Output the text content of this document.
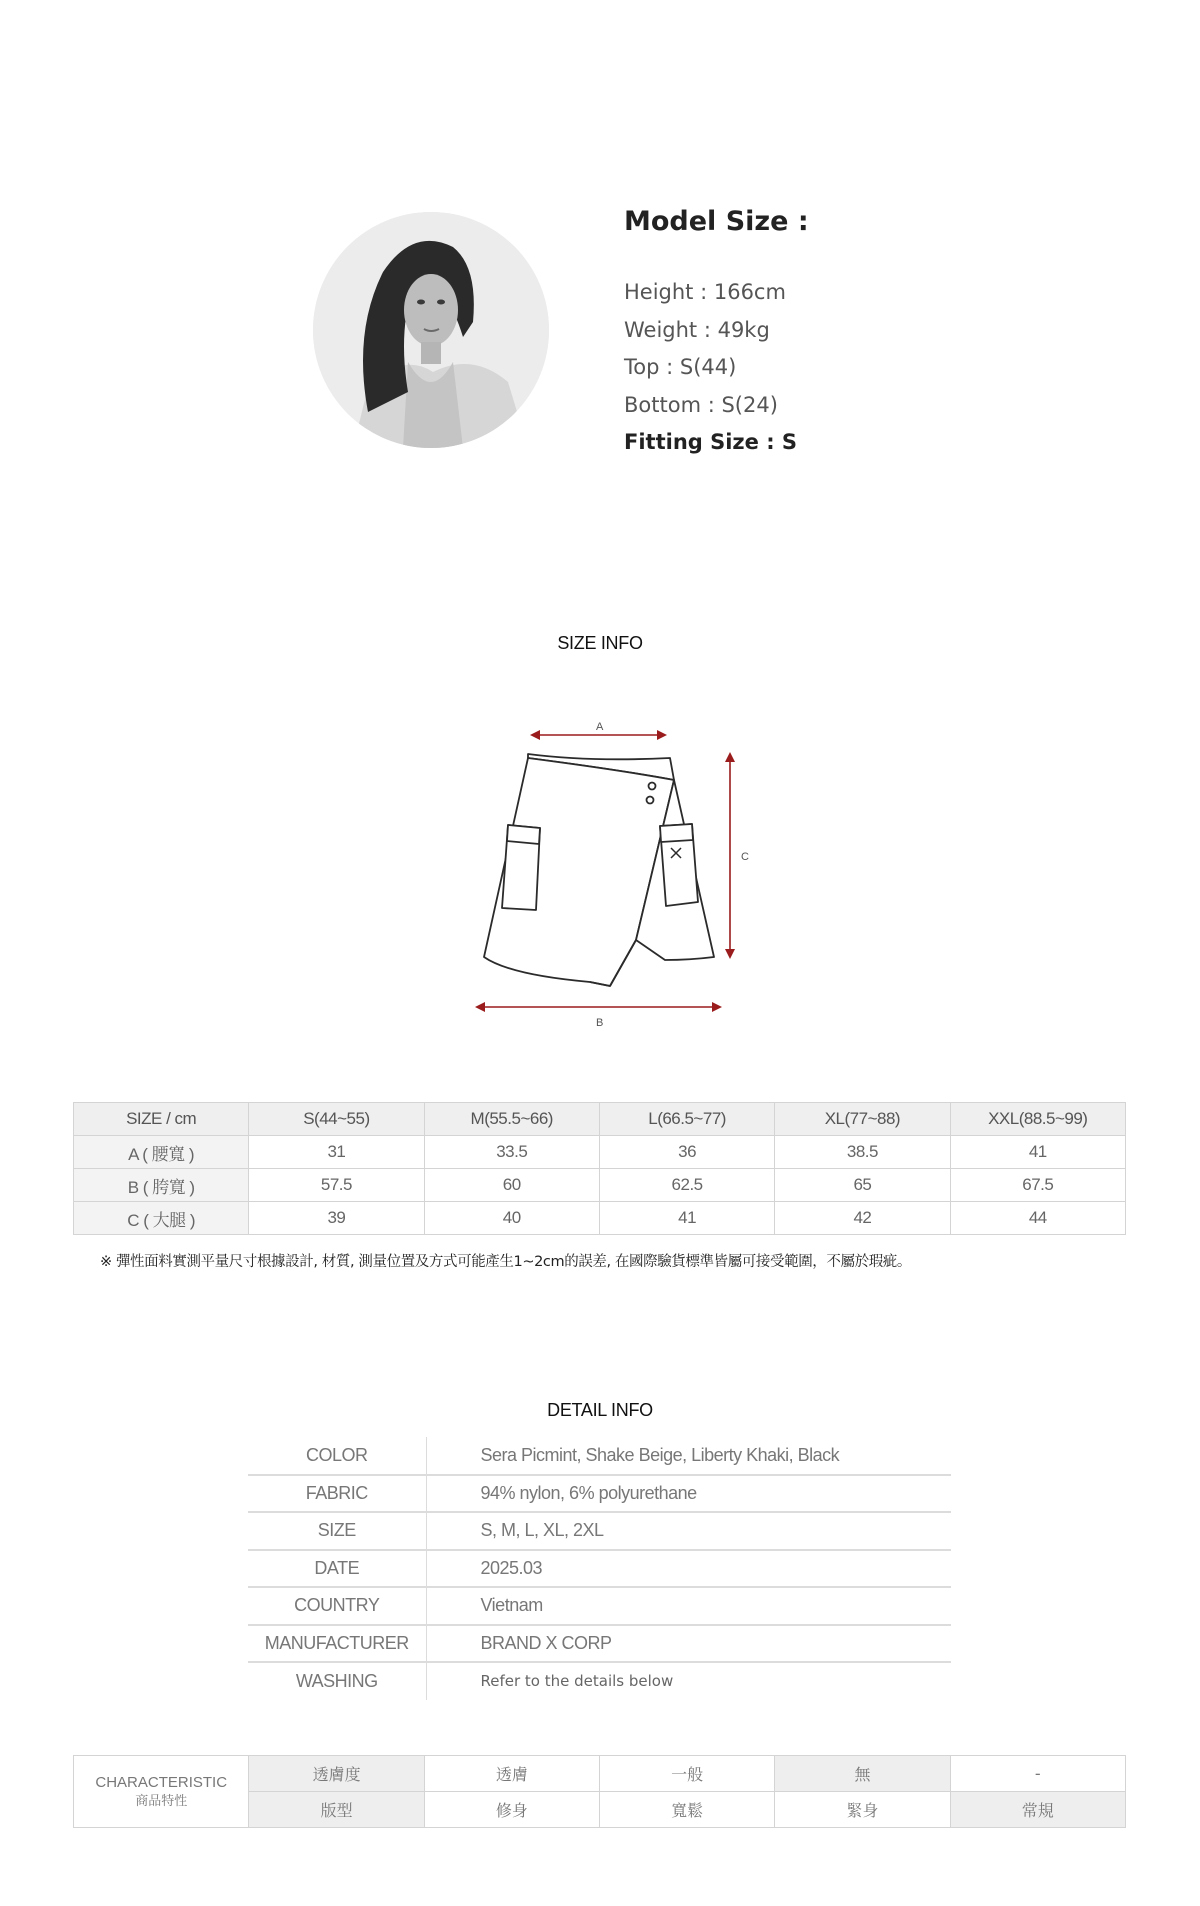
Model Size :
Height : 166cm
Weight : 49kg
Top : S(44)
Bottom : S(24)
Fitting Size : S
SIZE INFO
A
C
B
SIZE / cm	S(44~55)	M(55.5~66)	L(66.5~77)	XL(77~88)	XXL(88.5~99)
A ( 腰寬 )	31	33.5	36	38.5	41
B ( 胯寬 )	57.5	60	62.5	65	67.5
C ( 大腿 )	39	40	41	42	44
※ 彈性面料實測平量尺寸根據設計, 材質, 測量位置及方式可能產生1~2cm的誤差, 在國際驗貨標準皆屬可接受範圍，不屬於瑕疵。
DETAIL INFO
COLOR	Sera Picmint, Shake Beige, Liberty Khaki, Black
FABRIC	94% nylon, 6% polyurethane
SIZE	S, M, L, XL, 2XL
DATE	2025.03
COUNTRY	Vietnam
MANUFACTURER	BRAND X CORP
WASHING	Refer to the details below
CHARACTERISTIC
商品特性	透膚度	透膚	一般	無	-
	版型	修身	寬鬆	緊身	常規
